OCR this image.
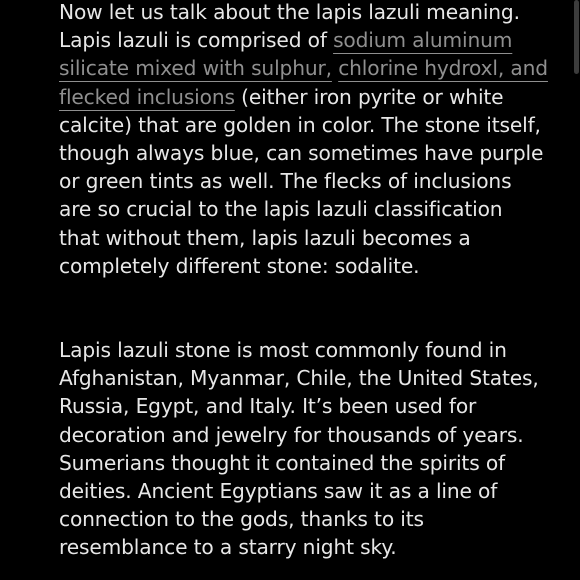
Now let us talk about the lapis lazuli meaning. Lapis lazuli is comprised of sodium aluminum silicate mixed with sulphur, chlorine hydroxl, and flecked inclusions (either iron pyrite or white calcite) that are golden in color. The stone itself, though always blue, can sometimes have purple or green tints as well. The flecks of inclusions are so crucial to the lapis lazuli classification that without them, lapis lazuli becomes a completely different stone: sodalite.

Lapis lazuli stone is most commonly found in Afghanistan, Myanmar, Chile, the United States, Russia, Egypt, and Italy. It’s been used for decoration and jewelry for thousands of years. Sumerians thought it contained the spirits of deities. Ancient Egyptians saw it as a line of connection to the gods, thanks to its resemblance to a starry night sky.
